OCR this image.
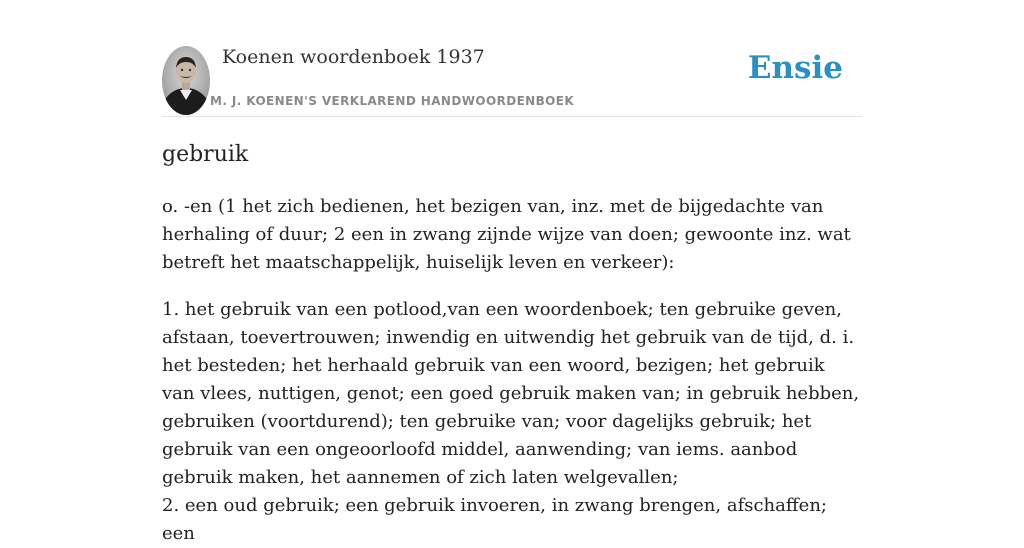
Koenen woordenboek 1937
M. J. KOENEN'S VERKLAREND HANDWOORDENBOEK
Ensie
gebruik

o. -en (1 het zich bedienen, het bezigen van, inz. met de bijgedachte van herhaling of duur; 2 een in zwang zijnde wijze van doen; gewoonte inz. wat betreft het maatschappelijk, huiselijk leven en verkeer):

1. het gebruik van een potlood,van een woordenboek; ten gebruike geven, afstaan, toevertrouwen; inwendig en uitwendig het gebruik van de tijd, d. i. het besteden; het herhaald gebruik van een woord, bezigen; het gebruik van vlees, nuttigen, genot; een goed gebruik maken van; in gebruik hebben, gebruiken (voortdurend); ten gebruike van; voor dagelijks gebruik; het gebruik van een ongeoorloofd middel, aanwending; van iems. aanbod gebruik maken, het aannemen of zich laten welgevallen;

2. een oud gebruik; een gebruik invoeren, in zwang brengen, afschaffen; een
